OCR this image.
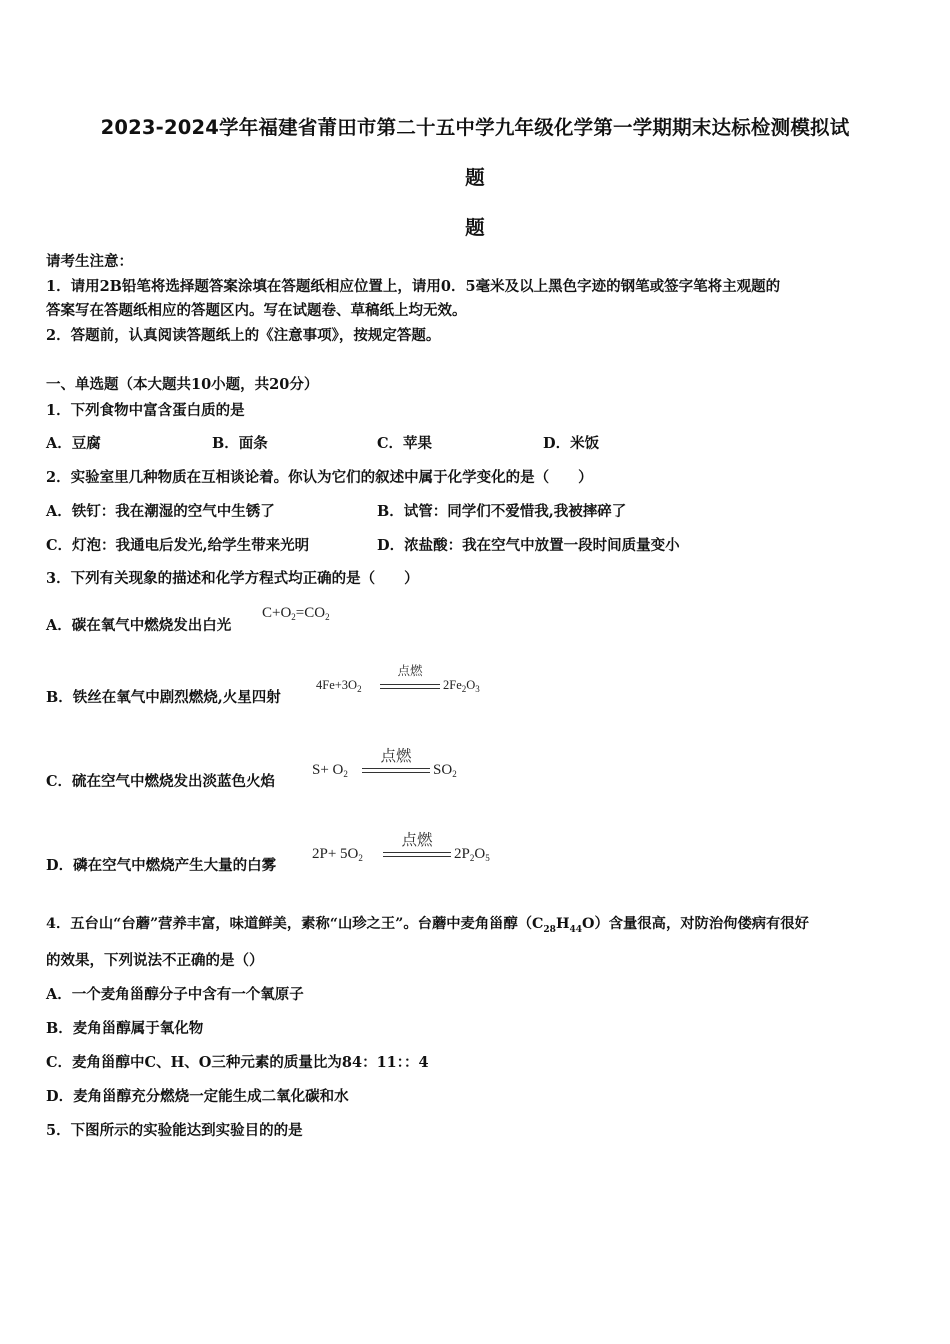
2023-2024学年福建省莆田市第二十五中学九年级化学第一学期期末达标检测模拟试
题
题
请考生注意：
1．请用2B铅笔将选择题答案涂填在答题纸相应位置上，请用0．5毫米及以上黑色字迹的钢笔或签字笔将主观题的
答案写在答题纸相应的答题区内。写在试题卷、草稿纸上均无效。
2．答题前，认真阅读答题纸上的《注意事项》，按规定答题。
一、单选题（本大题共10小题，共20分）
1．下列食物中富含蛋白质的是
A．豆腐	B．面条	C．苹果	D．米饭
2．实验室里几种物质在互相谈论着。你认为它们的叙述中属于化学变化的是（　　）
A．铁钉：我在潮湿的空气中生锈了	B．试管：同学们不爱惜我,我被摔碎了
C．灯泡：我通电后发光,给学生带来光明	D．浓盐酸：我在空气中放置一段时间质量变小
3．下列有关现象的描述和化学方程式均正确的是（　　）
A．碳在氧气中燃烧发出白光
$C+O_2=CO_2$
B．铁丝在氧气中剧烈燃烧,火星四射
$4Fe+3O_2$
点燃
$2Fe_2O_3$
C．硫在空气中燃烧发出淡蓝色火焰
$S+ O_2$
点燃
$SO_2$
D．磷在空气中燃烧产生大量的白雾
$2P+ 5O_2$
点燃
$2P_2O_5$
4．五台山“台蘑”营养丰富，味道鲜美，素称“山珍之王”。台蘑中麦角甾醇$(C_{28}H_{44}O)$含量很高，对防治佝偻病有很好
的效果，下列说法不正确的是（）
A．一个麦角甾醇分子中含有一个氧原子
B．麦角甾醇属于氧化物
C．麦角甾醇中C、H、O三种元素的质量比为84：11：：4
D．麦角甾醇充分燃烧一定能生成二氧化碳和水
5．下图所示的实验能达到实验目的的是
